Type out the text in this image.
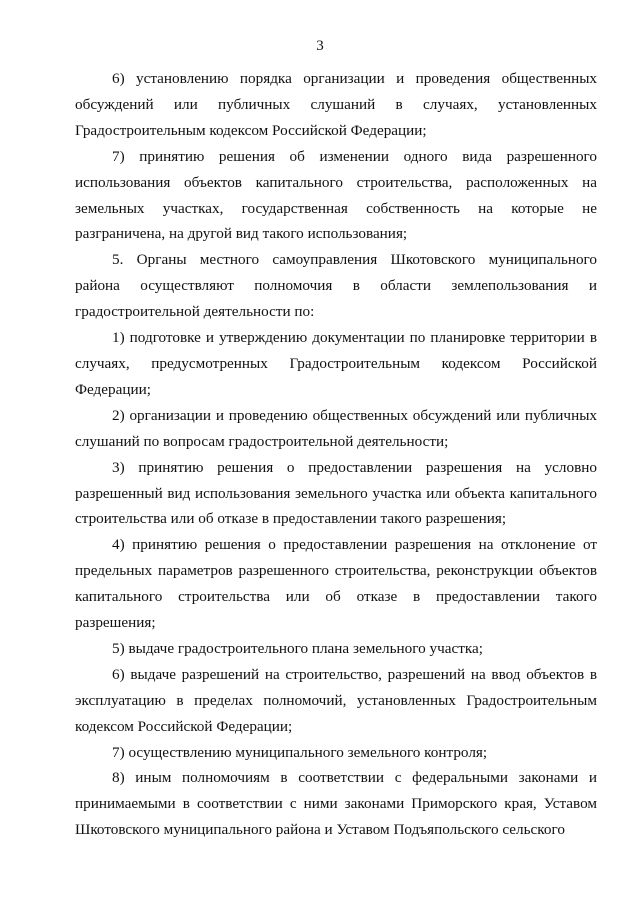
3

6) установлению порядка организации и проведения общественных обсуждений или публичных слушаний в случаях, установленных Градостроительным кодексом Российской Федерации;

7) принятию решения об изменении одного вида разрешенного использования объектов капитального строительства, расположенных на земельных участках, государственная собственность на которые не разграничена, на другой вид такого использования;

5. Органы местного самоуправления Шкотовского муниципального района осуществляют полномочия в области землепользования и градостроительной деятельности по:

1) подготовке и утверждению документации по планировке территории в случаях, предусмотренных Градостроительным кодексом Российской Федерации;

2) организации и проведению общественных обсуждений или публичных слушаний по вопросам градостроительной деятельности;

3) принятию решения о предоставлении разрешения на условно разрешенный вид использования земельного участка или объекта капитального строительства или об отказе в предоставлении такого разрешения;

4) принятию решения о предоставлении разрешения на отклонение от предельных параметров разрешенного строительства, реконструкции объектов капитального строительства или об отказе в предоставлении такого разрешения;

5) выдаче градостроительного плана земельного участка;

6) выдаче разрешений на строительство, разрешений на ввод объектов в эксплуатацию в пределах полномочий, установленных Градостроительным кодексом Российской Федерации;

7) осуществлению муниципального земельного контроля;

8) иным полномочиям в соответствии с федеральными законами и принимаемыми в соответствии с ними законами Приморского края, Уставом Шкотовского муниципального района и Уставом Подъяпольского сельского
